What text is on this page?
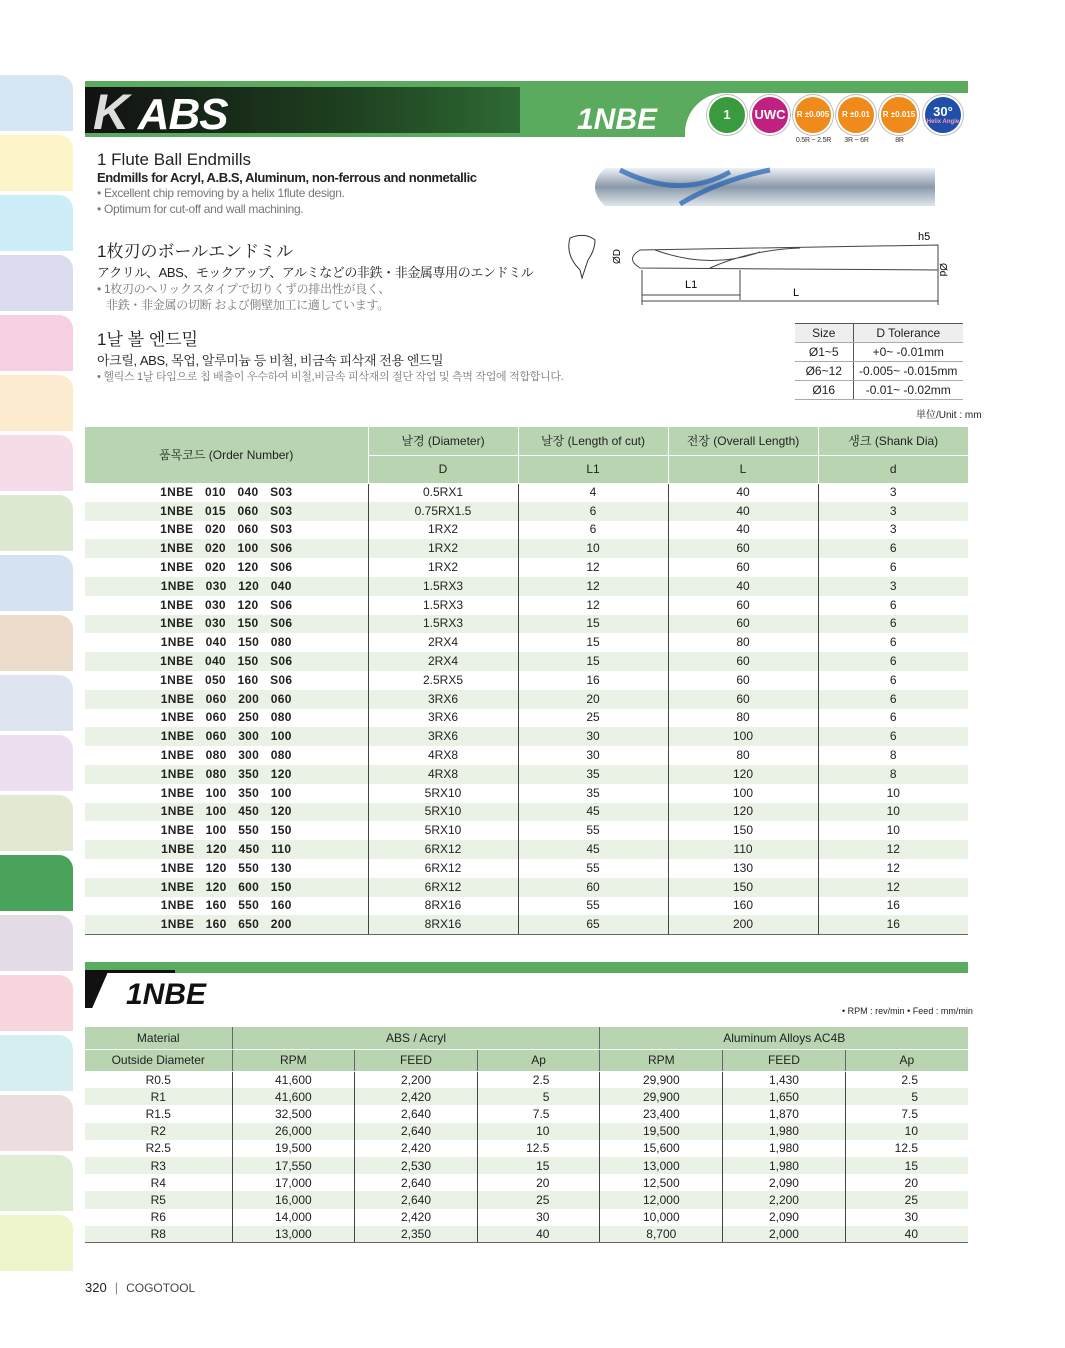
K ABS	1NBE	1 UWC R ±0.005
0.5R ~ 2.5R
R ±0.01
3R ~ 6R
R ±0.015
8R
30°
Helix Angle
1 Flute Ball Endmills
Endmills for Acryl, A.B.S, Aluminum, non-ferrous and nonmetallic
• Excellent chip removing by a helix 1flute design.
• Optimum for cut-off and wall machining.
1枚刃のボールエンドミル
アクリル、ABS、モックアップ、アルミなどの非鉄・非金属専用のエンドミル
• 1枚刃のヘリックスタイプで切りくずの排出性が良く、
非鉄・非金属の切断 および側壁加工に適しています。
1날 볼 엔드밀
아크릴, ABS, 목업, 알루미늄 등 비철, 비금속 피삭재 전용 엔드밀
• 헬릭스 1날 타입으로 칩 배출이 우수하여 비철,비금속 피삭재의 절단 작업 및 측벽 작업에 적합합니다.
L1
L
h5
ØD
Ød
Size	D Tolerance
Ø1~5	+0~ -0.01mm
Ø6~12	-0.005~ -0.015mm
Ø16	-0.01~ -0.02mm
単位/Unit : mm
품목코드 (Order Number)	날경 (Diameter)	날장 (Length of cut)	전장 (Overall Length)	생크 (Shank Dia)
	D	L1	L	d
1NBE 010 040 S03	0.5RX1	4	40	3
1NBE 015 060 S03	0.75RX1.5	6	40	3
1NBE 020 060 S03	1RX2	6	40	3
1NBE 020 100 S06	1RX2	10	60	6
1NBE 020 120 S06	1RX2	12	60	6
1NBE 030 120 040	1.5RX3	12	40	3
1NBE 030 120 S06	1.5RX3	12	60	6
1NBE 030 150 S06	1.5RX3	15	60	6
1NBE 040 150 080	2RX4	15	80	6
1NBE 040 150 S06	2RX4	15	60	6
1NBE 050 160 S06	2.5RX5	16	60	6
1NBE 060 200 060	3RX6	20	60	6
1NBE 060 250 080	3RX6	25	80	6
1NBE 060 300 100	3RX6	30	100	6
1NBE 080 300 080	4RX8	30	80	8
1NBE 080 350 120	4RX8	35	120	8
1NBE 100 350 100	5RX10	35	100	10
1NBE 100 450 120	5RX10	45	120	10
1NBE 100 550 150	5RX10	55	150	10
1NBE 120 450 110	6RX12	45	110	12
1NBE 120 550 130	6RX12	55	130	12
1NBE 120 600 150	6RX12	60	150	12
1NBE 160 550 160	8RX16	55	160	16
1NBE 160 650 200	8RX16	65	200	16
1NBE	• RPM : rev/min • Feed : mm/min
Material	ABS / Acryl			Aluminum Alloys AC4B		
Outside Diameter	RPM	FEED	Ap	RPM	FEED	Ap
R0.5	41,600	2,200	2.5	29,900	1,430	2.5
R1	41,600	2,420	5	29,900	1,650	5
R1.5	32,500	2,640	7.5	23,400	1,870	7.5
R2	26,000	2,640	10	19,500	1,980	10
R2.5	19,500	2,420	12.5	15,600	1,980	12.5
R3	17,550	2,530	15	13,000	1,980	15
R4	17,000	2,640	20	12,500	2,090	20
R5	16,000	2,640	25	12,000	2,200	25
R6	14,000	2,420	30	10,000	2,090	30
R8	13,000	2,350	40	8,700	2,000	40
320 | COGOTOOL
